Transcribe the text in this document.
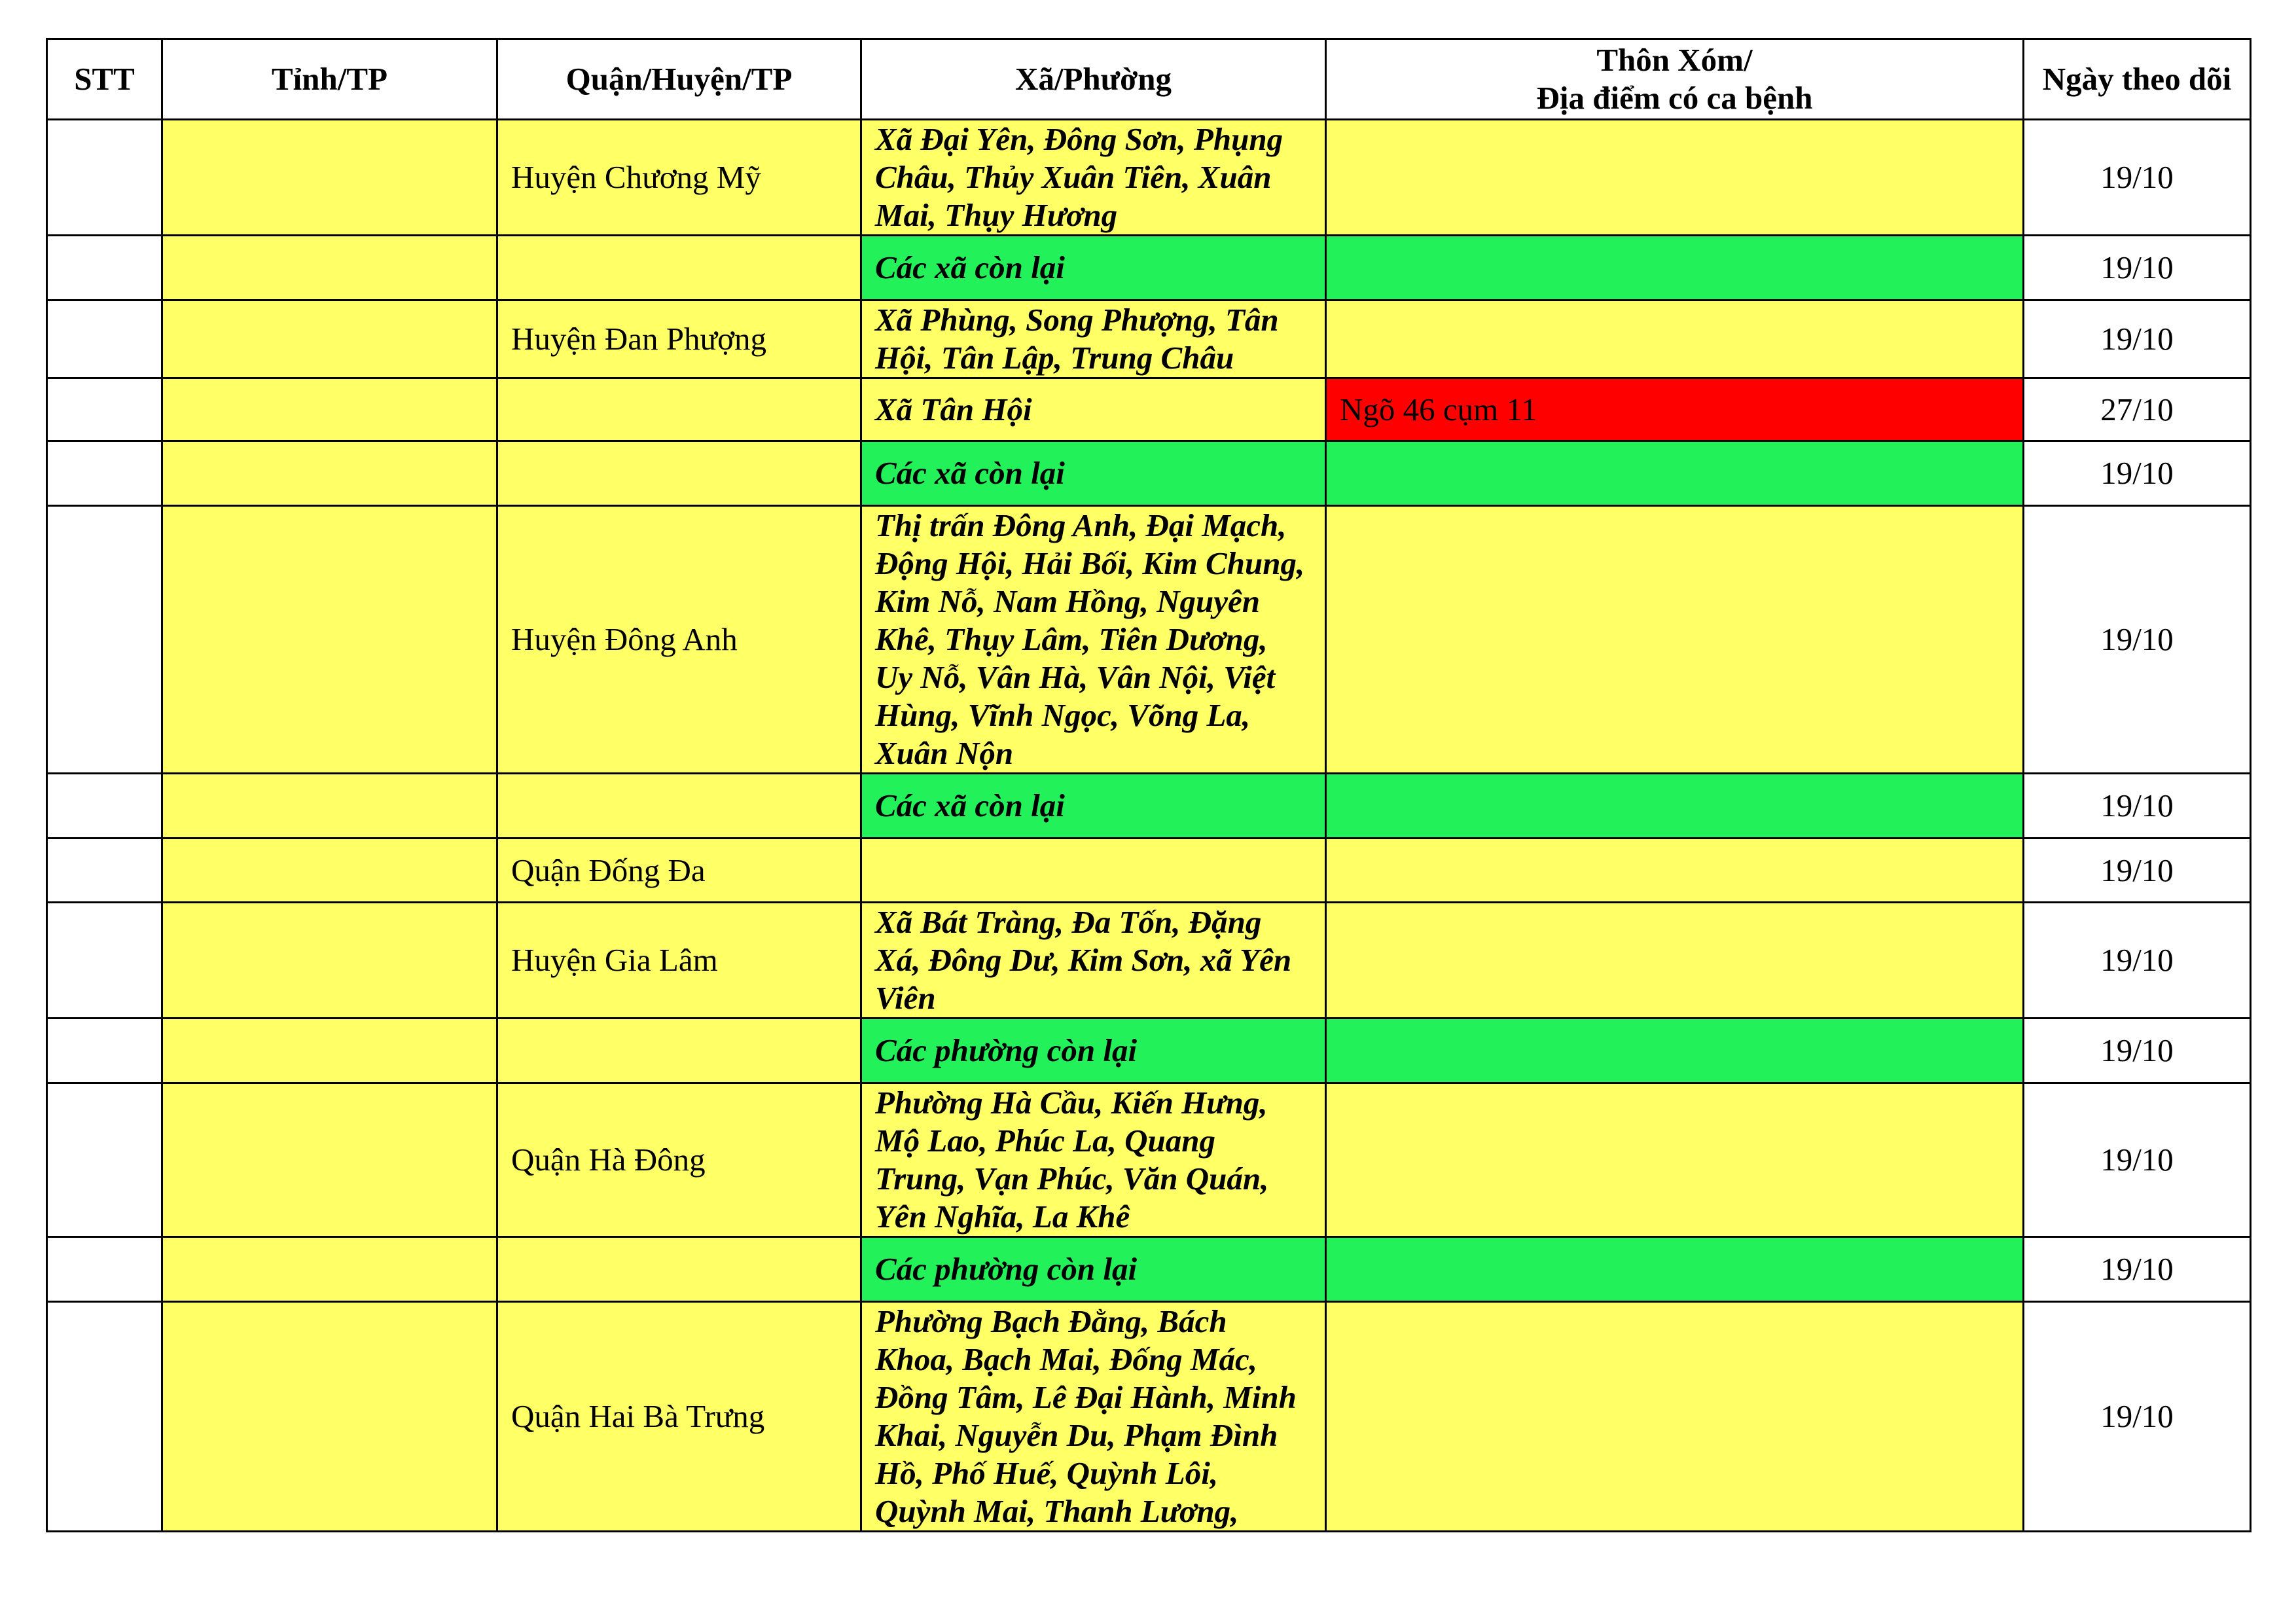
STT	Tỉnh/TP	Quận/Huyện/TP	Xã/Phường	Thôn Xóm/
Địa điểm có ca bệnh	Ngày theo dõi
		Huyện Chương Mỹ	Xã Đại Yên, Đông Sơn, Phụng Châu, Thủy Xuân Tiên, Xuân Mai, Thụy Hương		19/10
			Các xã còn lại		19/10
		Huyện Đan Phượng	Xã Phùng, Song Phượng, Tân Hội, Tân Lập, Trung Châu		19/10
			Xã Tân Hội	Ngõ 46 cụm 11	27/10
			Các xã còn lại		19/10
		Huyện Đông Anh	Thị trấn Đông Anh, Đại Mạch, Động Hội, Hải Bối, Kim Chung, Kim Nỗ, Nam Hồng, Nguyên Khê, Thụy Lâm, Tiên Dương, Uy Nỗ, Vân Hà, Vân Nội, Việt Hùng, Vĩnh Ngọc, Võng La, Xuân Nộn		19/10
			Các xã còn lại		19/10
		Quận Đống Đa			19/10
		Huyện Gia Lâm	Xã Bát Tràng, Đa Tốn, Đặng Xá, Đông Dư, Kim Sơn, xã Yên Viên		19/10
			Các phường còn lại		19/10
		Quận Hà Đông	Phường Hà Cầu, Kiến Hưng, Mộ Lao, Phúc La, Quang Trung, Vạn Phúc, Văn Quán, Yên Nghĩa, La Khê		19/10
			Các phường còn lại		19/10
		Quận Hai Bà Trưng	Phường Bạch Đằng, Bách Khoa, Bạch Mai, Đống Mác, Đồng Tâm, Lê Đại Hành, Minh Khai, Nguyễn Du, Phạm Đình Hồ, Phố Huế, Quỳnh Lôi, Quỳnh Mai, Thanh Lương,		19/10
